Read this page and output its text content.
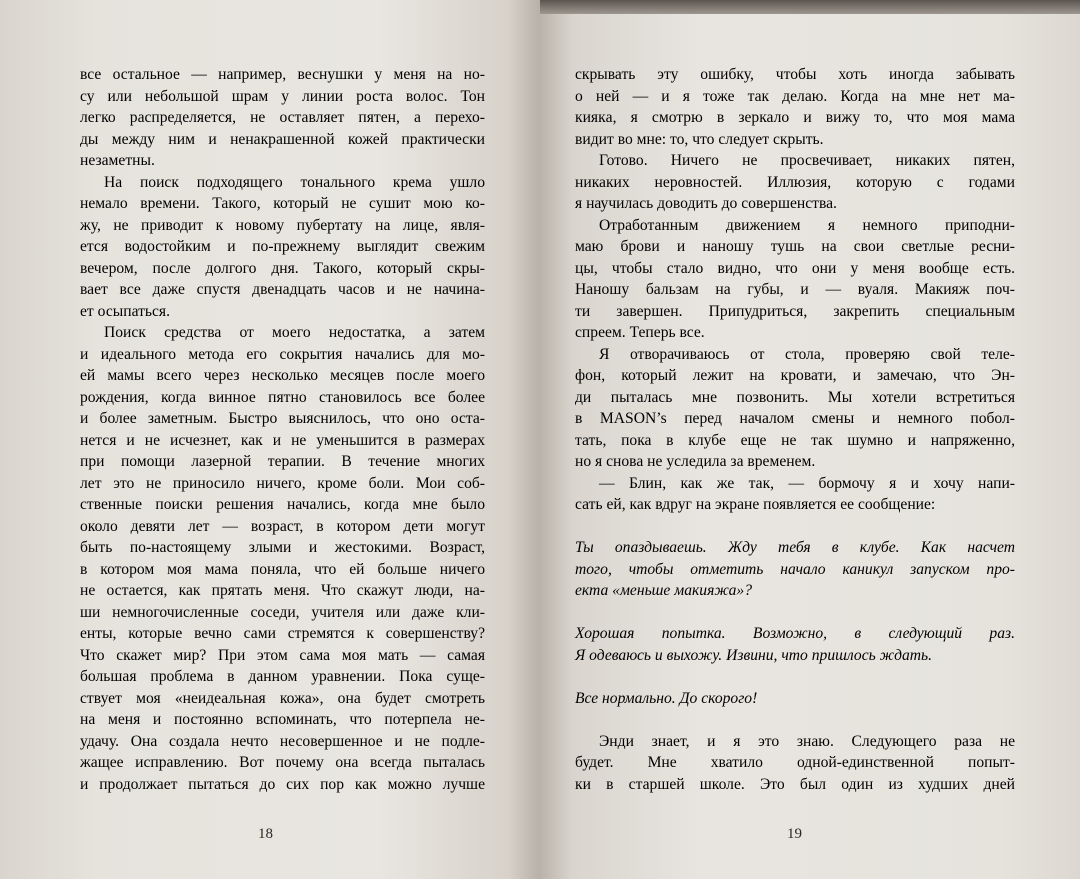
все остальное — например, веснушки у меня на но-
су или небольшой шрам у линии роста волос. Тон
легко распределяется, не оставляет пятен, а перехо-
ды между ним и ненакрашенной кожей практически
незаметны.
На поиск подходящего тонального крема ушло
немало времени. Такого, который не сушит мою ко-
жу, не приводит к новому пубертату на лице, явля-
ется водостойким и по-прежнему выглядит свежим
вечером, после долгого дня. Такого, который скры-
вает все даже спустя двенадцать часов и не начина-
ет осыпаться.
Поиск средства от моего недостатка, а затем
и идеального метода его сокрытия начались для мо-
ей мамы всего через несколько месяцев после моего
рождения, когда винное пятно становилось все более
и более заметным. Быстро выяснилось, что оно оста-
нется и не исчезнет, как и не уменьшится в размерах
при помощи лазерной терапии. В течение многих
лет это не приносило ничего, кроме боли. Мои соб-
ственные поиски решения начались, когда мне было
около девяти лет — возраст, в котором дети могут
быть по-настоящему злыми и жестокими. Возраст,
в котором моя мама поняла, что ей больше ничего
не остается, как прятать меня. Что скажут люди, на-
ши немногочисленные соседи, учителя или даже кли-
енты, которые вечно сами стремятся к совершенству?
Что скажет мир? При этом сама моя мать — самая
большая проблема в данном уравнении. Пока суще-
ствует моя «неидеальная кожа», она будет смотреть
на меня и постоянно вспоминать, что потерпела не-
удачу. Она создала нечто несовершенное и не подле-
жащее исправлению. Вот почему она всегда пыталась
и продолжает пытаться до сих пор как можно лучше
скрывать эту ошибку, чтобы хоть иногда забывать
о ней — и я тоже так делаю. Когда на мне нет ма-
киякa, я смотрю в зеркало и вижу то, что моя мама
видит во мне: то, что следует скрыть.
Готово. Ничего не просвечивает, никаких пятен,
никаких неровностей. Иллюзия, которую с годами
я научилась доводить до совершенства.
Отработанным движением я немного приподни-
маю брови и наношу тушь на свои светлые ресни-
цы, чтобы стало видно, что они у меня вообще есть.
Наношу бальзам на губы, и — вуаля. Макияж поч-
ти завершен. Припудриться, закрепить специальным
спреем. Теперь все.
Я отворачиваюсь от стола, проверяю свой теле-
фон, который лежит на кровати, и замечаю, что Эн-
ди пыталась мне позвонить. Мы хотели встретиться
в MASON’s перед началом смены и немного побол-
тать, пока в клубе еще не так шумно и напряженно,
но я снова не уследила за временем.
— Блин, как же так, — бормочу я и хочу напи-
сать ей, как вдруг на экране появляется ее сообщение:
Ты опаздываешь. Жду тебя в клубе. Как насчет
того, чтобы отметить начало каникул запуском про-
екта «меньше макияжа»?
Хорошая попытка. Возможно, в следующий раз.
Я одеваюсь и выхожу. Извини, что пришлось ждать.
Все нормально. До скорого!
Энди знает, и я это знаю. Следующего раза не
будет. Мне хватило одной-единственной попыт-
ки в старшей школе. Это был один из худших дней
18	19
